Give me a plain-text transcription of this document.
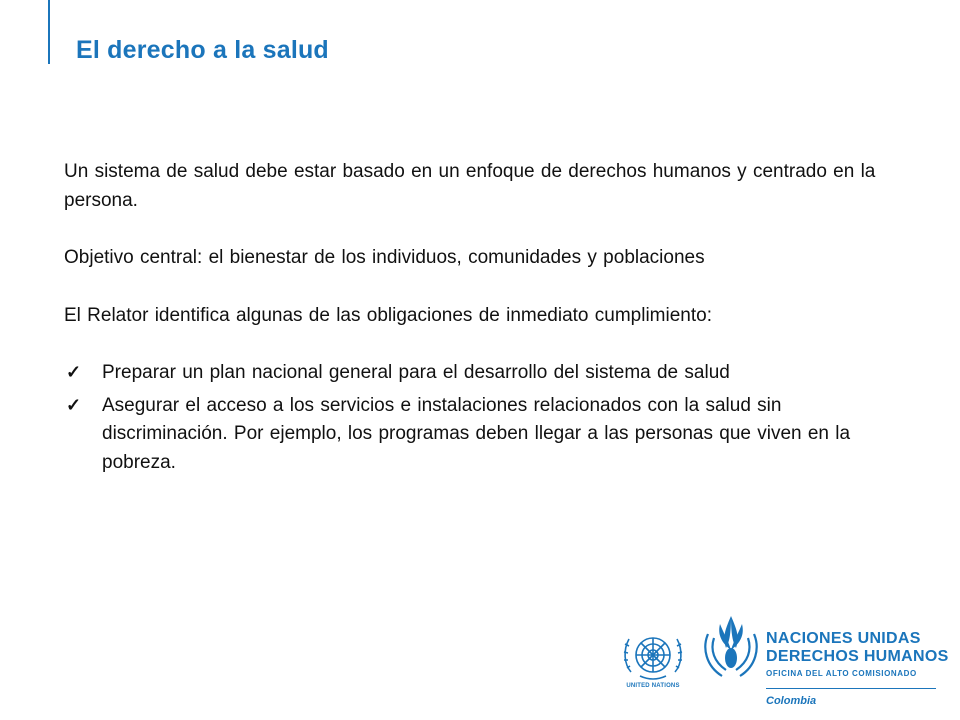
El derecho a la salud

Un sistema de salud debe estar basado en un enfoque de derechos humanos y centrado en la persona.

Objetivo central: el bienestar de los individuos, comunidades y poblaciones

El Relator identifica algunas de las obligaciones de inmediato cumplimiento:

✓ Preparar un plan nacional general para el desarrollo del sistema de salud
✓ Asegurar el acceso a los servicios e instalaciones relacionados con la salud sin discriminación. Por ejemplo, los programas deben llegar a las personas que viven en la pobreza.
UNITED NATIONS
NACIONES UNIDAS
DERECHOS HUMANOS
OFICINA DEL ALTO COMISIONADO
Colombia
